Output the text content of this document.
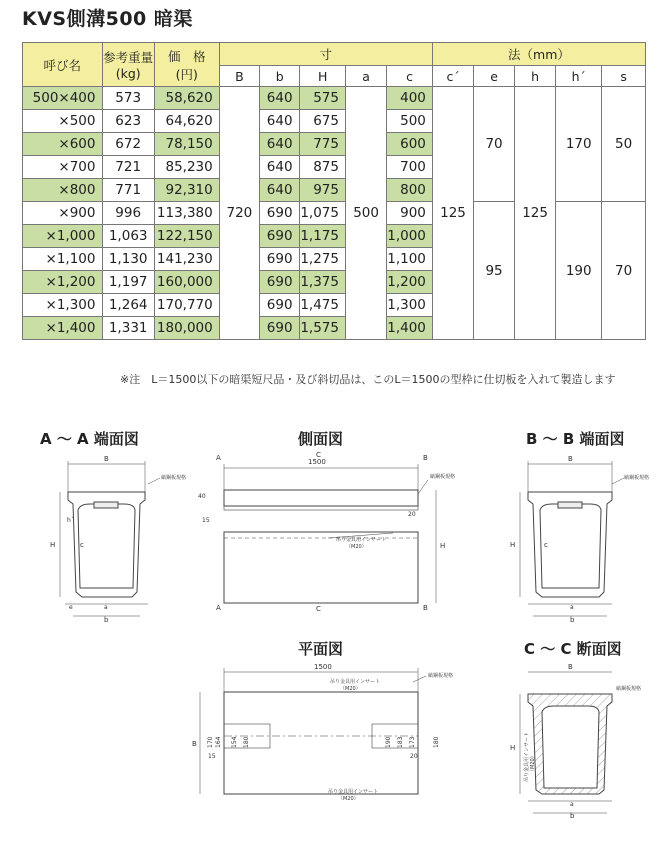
KVS側溝500 暗渠
呼び名	参考重量
(kg)	価　格
(円)	寸					法（mm）				
			B	b	H	a	c	c´	e	h	h´	s
500×400	573	58,620	720	640	575	500	400	125	70	125	170	50
×500	623	64,620		640	675		500					
×600	672	78,150		640	775		600					
×700	721	85,230		640	875		700					
×800	771	92,310		640	975		800					
×900	996	113,380		690	1,075		900		95		190	70
×1,000	1,063	122,150		690	1,175		1,000					
×1,100	1,130	141,230		690	1,275		1,100					
×1,200	1,197	160,000		690	1,375		1,200					
×1,300	1,264	170,770		690	1,475		1,300					
×1,400	1,331	180,000		690	1,575		1,400					
※注　L＝1500以下の暗渠短尺品・及び斜切品は、このL＝1500の型枠に仕切板を入れて製造します
A ～ A 端面図	側面図	B ～ B 端面図
平面図	C ～ C 断面図
B
縞鋼板規格
H	c
h´
a
e
b
1500
A	B
C
A	B
C
40
15
20
H
縞鋼板規格
吊り金具用インサート
（M20）
B
縞鋼板規格
H	c
a
b
1500
縞鋼板規格
吊り金具用インサート
（M20）
吊り金具用インサート
（M20）
B
15	20
170 164 154 180	190 183 173	180
B
縞鋼板規格
H
a
b
吊り金具用インサート （M20）
